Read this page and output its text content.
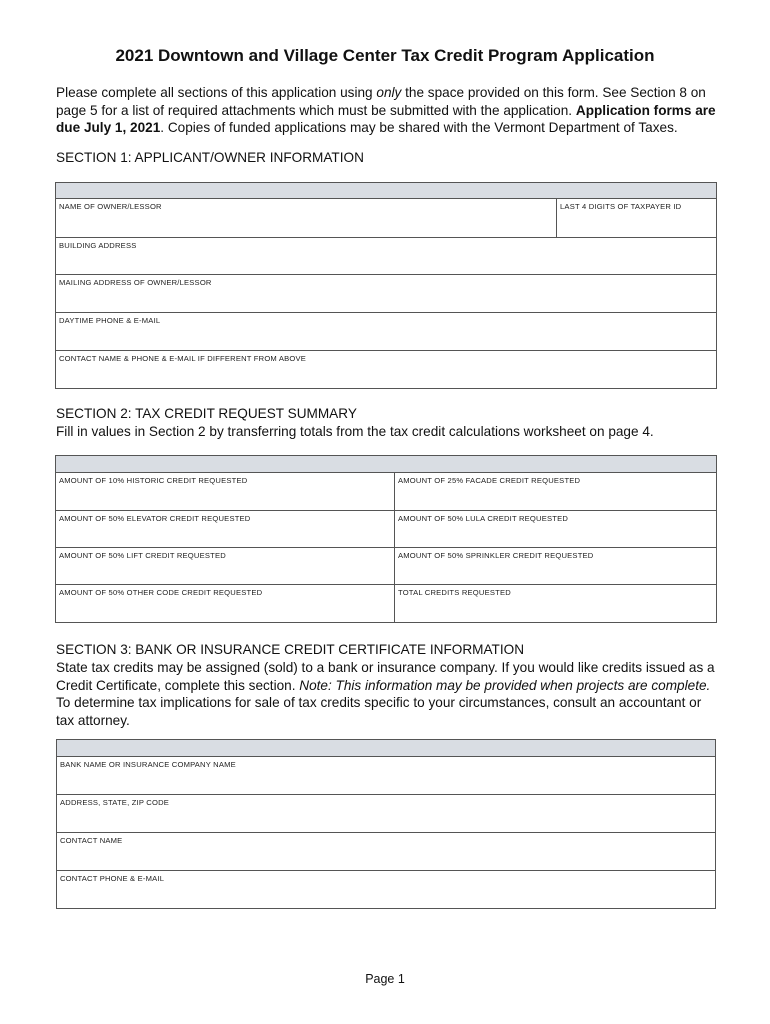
2021 Downtown and Village Center Tax Credit Program Application
Please complete all sections of this application using only the space provided on this form. See Section 8 on page 5 for a list of required attachments which must be submitted with the application. Application forms are due July 1, 2021. Copies of funded applications may be shared with the Vermont Department of Taxes.
SECTION 1: APPLICANT/OWNER INFORMATION

NAME OF OWNER/LESSOR	LAST 4 DIGITS OF TAXPAYER ID

BUILDING ADDRESS

MAILING ADDRESS OF OWNER/LESSOR

DAYTIME PHONE & E-MAIL

CONTACT NAME & PHONE & E-MAIL IF DIFFERENT FROM ABOVE
SECTION 2: TAX CREDIT REQUEST SUMMARY
Fill in values in Section 2 by transferring totals from the tax credit calculations worksheet on page 4.

AMOUNT OF 10% HISTORIC CREDIT REQUESTED	AMOUNT OF 25% FACADE CREDIT REQUESTED

AMOUNT OF 50% ELEVATOR CREDIT REQUESTED	AMOUNT OF 50% LULA CREDIT REQUESTED

AMOUNT OF 50% LIFT CREDIT REQUESTED	AMOUNT OF 50% SPRINKLER CREDIT REQUESTED

AMOUNT OF 50% OTHER CODE CREDIT REQUESTED	TOTAL CREDITS REQUESTED
SECTION 3: BANK OR INSURANCE CREDIT CERTIFICATE INFORMATION
State tax credits may be assigned (sold) to a bank or insurance company. If you would like credits issued as a Credit Certificate, complete this section. Note: This information may be provided when projects are complete. To determine tax implications for sale of tax credits specific to your circumstances, consult an accountant or tax attorney.

BANK NAME OR INSURANCE COMPANY NAME

ADDRESS, STATE, ZIP CODE

CONTACT NAME

CONTACT PHONE & E-MAIL
Page 1
